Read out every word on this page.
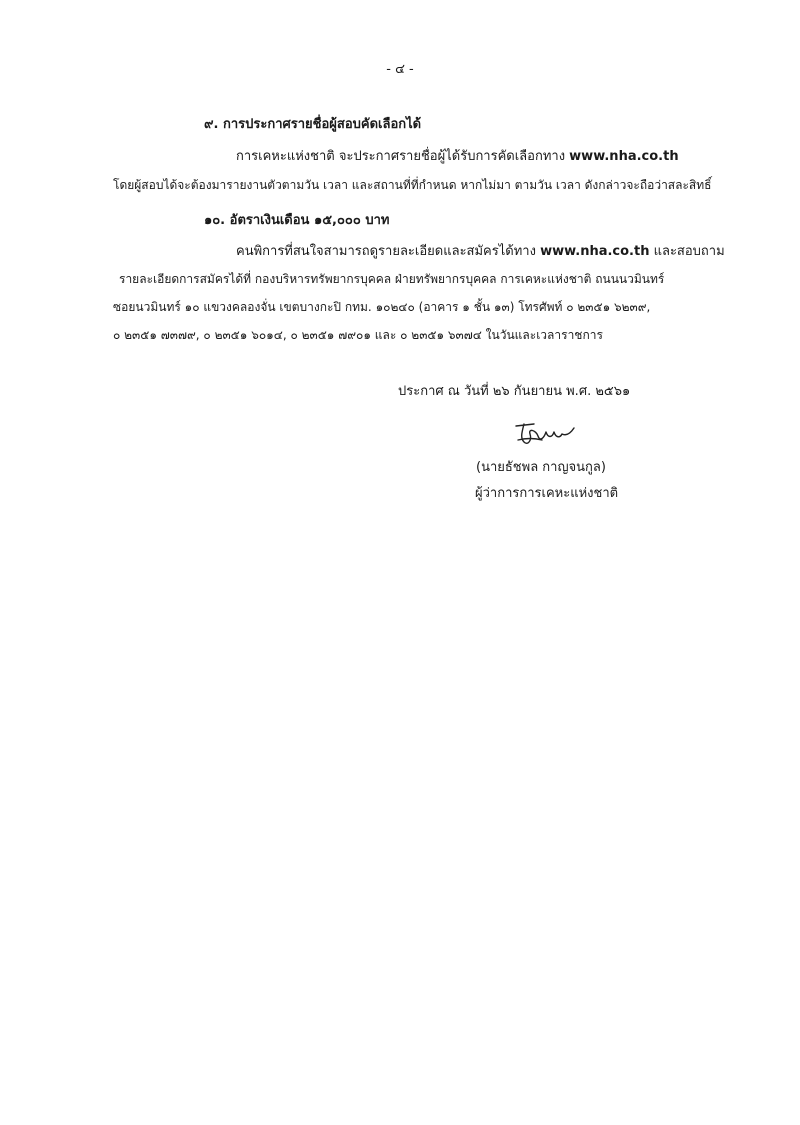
- ๔ -
๙. การประกาศรายชื่อผู้สอบคัดเลือกได้
การเคหะแห่งชาติ จะประกาศรายชื่อผู้ได้รับการคัดเลือกทาง www.nha.co.th
โดยผู้สอบได้จะต้องมารายงานตัวตามวัน เวลา และสถานที่ที่กำหนด หากไม่มา ตามวัน เวลา ดังกล่าวจะถือว่าสละสิทธิ์
๑๐. อัตราเงินเดือน ๑๕,๐๐๐ บาท
คนพิการที่สนใจสามารถดูรายละเอียดและสมัครได้ทาง www.nha.co.th และสอบถาม
รายละเอียดการสมัครได้ที่ กองบริหารทรัพยากรบุคคล ฝ่ายทรัพยากรบุคคล การเคหะแห่งชาติ ถนนนวมินทร์
ซอยนวมินทร์ ๑๐ แขวงคลองจั่น เขตบางกะปิ กทม. ๑๐๒๔๐ (อาคาร ๑ ชั้น ๑๓) โทรศัพท์ ๐ ๒๓๕๑ ๖๒๓๙,
๐ ๒๓๕๑ ๗๓๗๙, ๐ ๒๓๕๑ ๖๐๑๔, ๐ ๒๓๕๑ ๗๙๐๑ และ ๐ ๒๓๕๑ ๖๓๗๔ ในวันและเวลาราชการ
ประกาศ ณ วันที่ ๒๖ กันยายน พ.ศ. ๒๕๖๑
(นายธัชพล กาญจนกูล)
ผู้ว่าการการเคหะแห่งชาติ
